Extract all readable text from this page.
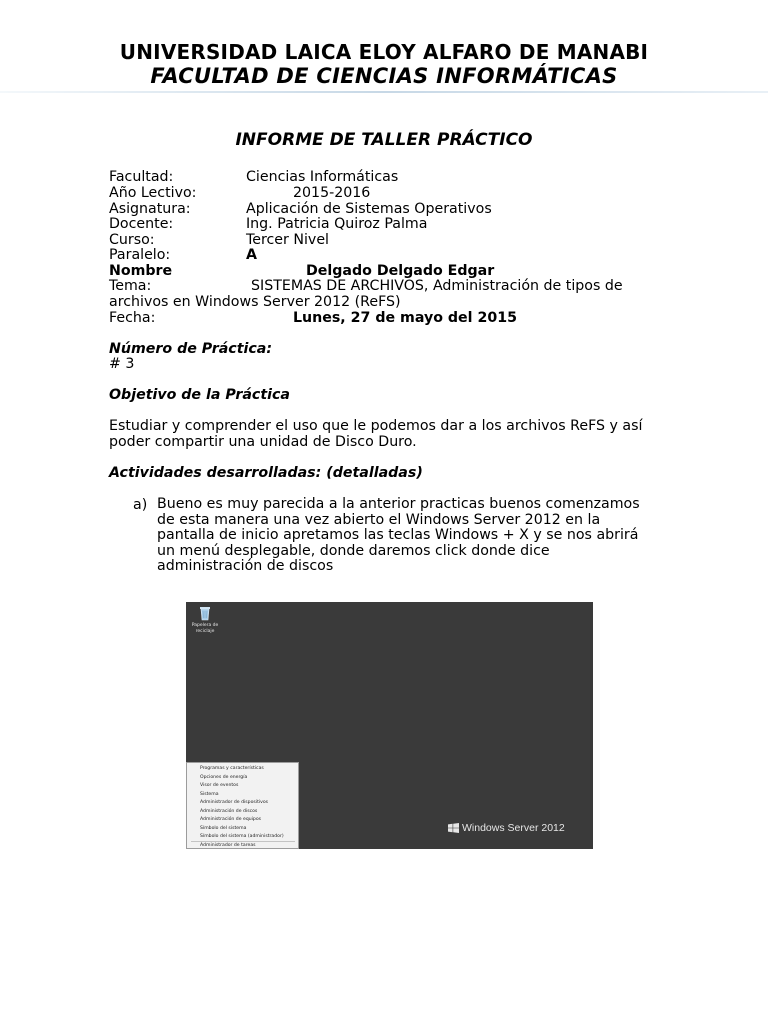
UNIVERSIDAD LAICA ELOY ALFARO DE MANABI
FACULTAD DE CIENCIAS INFORMÁTICAS
INFORME DE TALLER PRÁCTICO
Facultad:	Ciencias Informáticas
Año Lectivo:	2015-2016
Asignatura:	Aplicación de Sistemas Operativos
Docente:	Ing. Patricia Quiroz Palma
Curso:	Tercer Nivel
Paralelo:	A
Nombre	Delgado Delgado Edgar
Tema:	SISTEMAS DE ARCHIVOS, Administración de tipos de
archivos en Windows Server 2012 (ReFS)
Fecha:	Lunes, 27 de mayo del 2015
Número de Práctica:
# 3
Objetivo de la Práctica
Estudiar y comprender el uso que le podemos dar a los archivos ReFS y así
poder compartir una unidad de Disco Duro.
Actividades desarrolladas: (detalladas)
a) Bueno es muy parecida a la anterior practicas buenos comenzamos
de esta manera una vez abierto el Windows Server 2012 en la
pantalla de inicio apretamos las teclas Windows + X y se nos abrirá
un menú desplegable, donde daremos click donde dice
administración de discos
Papelera de reciclaje
Programas y características
Opciones de energía
Visor de eventos
Sistema
Administrador de dispositivos
Administración de discos
Administración de equipos
Símbolo del sistema
Símbolo del sistema (administrador)
Administrador de tareas
Windows Server 2012
